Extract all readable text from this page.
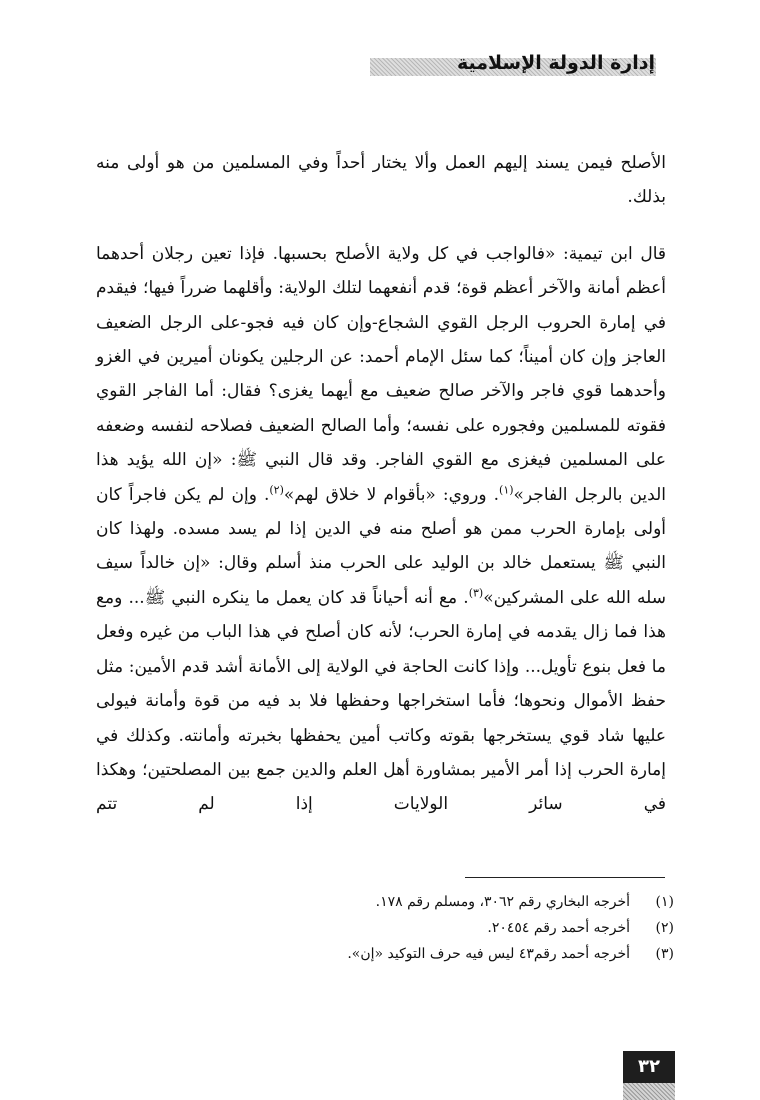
إدارة الدولة الإسلامية

الأصلح فيمن يسند إليهم العمل وألا يختار أحداً وفي المسلمين من هو أولى منه بذلك.

قال ابن تيمية: «فالواجب في كل ولاية الأصلح بحسبها. فإذا تعين رجلان أحدهما أعظم أمانة والآخر أعظم قوة؛ قدم أنفعهما لتلك الولاية: وأقلهما ضرراً فيها؛ فيقدم في إمارة الحروب الرجل القوي الشجاع-وإن كان فيه فجو-على الرجل الضعيف العاجز وإن كان أميناً؛ كما سئل الإمام أحمد: عن الرجلين يكونان أميرين في الغزو وأحدهما قوي فاجر والآخر صالح ضعيف مع أيهما يغزى؟ فقال: أما الفاجر القوي فقوته للمسلمين وفجوره على نفسه؛ وأما الصالح الضعيف فصلاحه لنفسه وضعفه على المسلمين فيغزى مع القوي الفاجر. وقد قال النبي ﷺ: «إن الله يؤيد هذا الدين بالرجل الفاجر»$^{(١)}$. وروي: «بأقوام لا خلاق لهم»$^{(٢)}$. وإن لم يكن فاجراً كان أولى بإمارة الحرب ممن هو أصلح منه في الدين إذا لم يسد مسده. ولهذا كان النبي ﷺ يستعمل خالد بن الوليد على الحرب منذ أسلم وقال: «إن خالداً سيف سله الله على المشركين»$^{(٣)}$. مع أنه أحياناً قد كان يعمل ما ينكره النبي ﷺ... ومع هذا فما زال يقدمه في إمارة الحرب؛ لأنه كان أصلح في هذا الباب من غيره وفعل ما فعل بنوع تأويل... وإذا كانت الحاجة في الولاية إلى الأمانة أشد قدم الأمين: مثل حفظ الأموال ونحوها؛ فأما استخراجها وحفظها فلا بد فيه من قوة وأمانة فيولى عليها شاد قوي يستخرجها بقوته وكاتب أمين يحفظها بخبرته وأمانته. وكذلك في إمارة الحرب إذا أمر الأمير بمشاورة أهل العلم والدين جمع بين المصلحتين؛ وهكذا في سائر الولايات إذا لم تتم

(١)أخرجه البخاري رقم ٣٠٦٢، ومسلم رقم ١٧٨.
(٢)أخرجه أحمد رقم ٢٠٤٥٤.
(٣)أخرجه أحمد رقم٤٣ ليس فيه حرف التوكيد «إن».
٣٢
